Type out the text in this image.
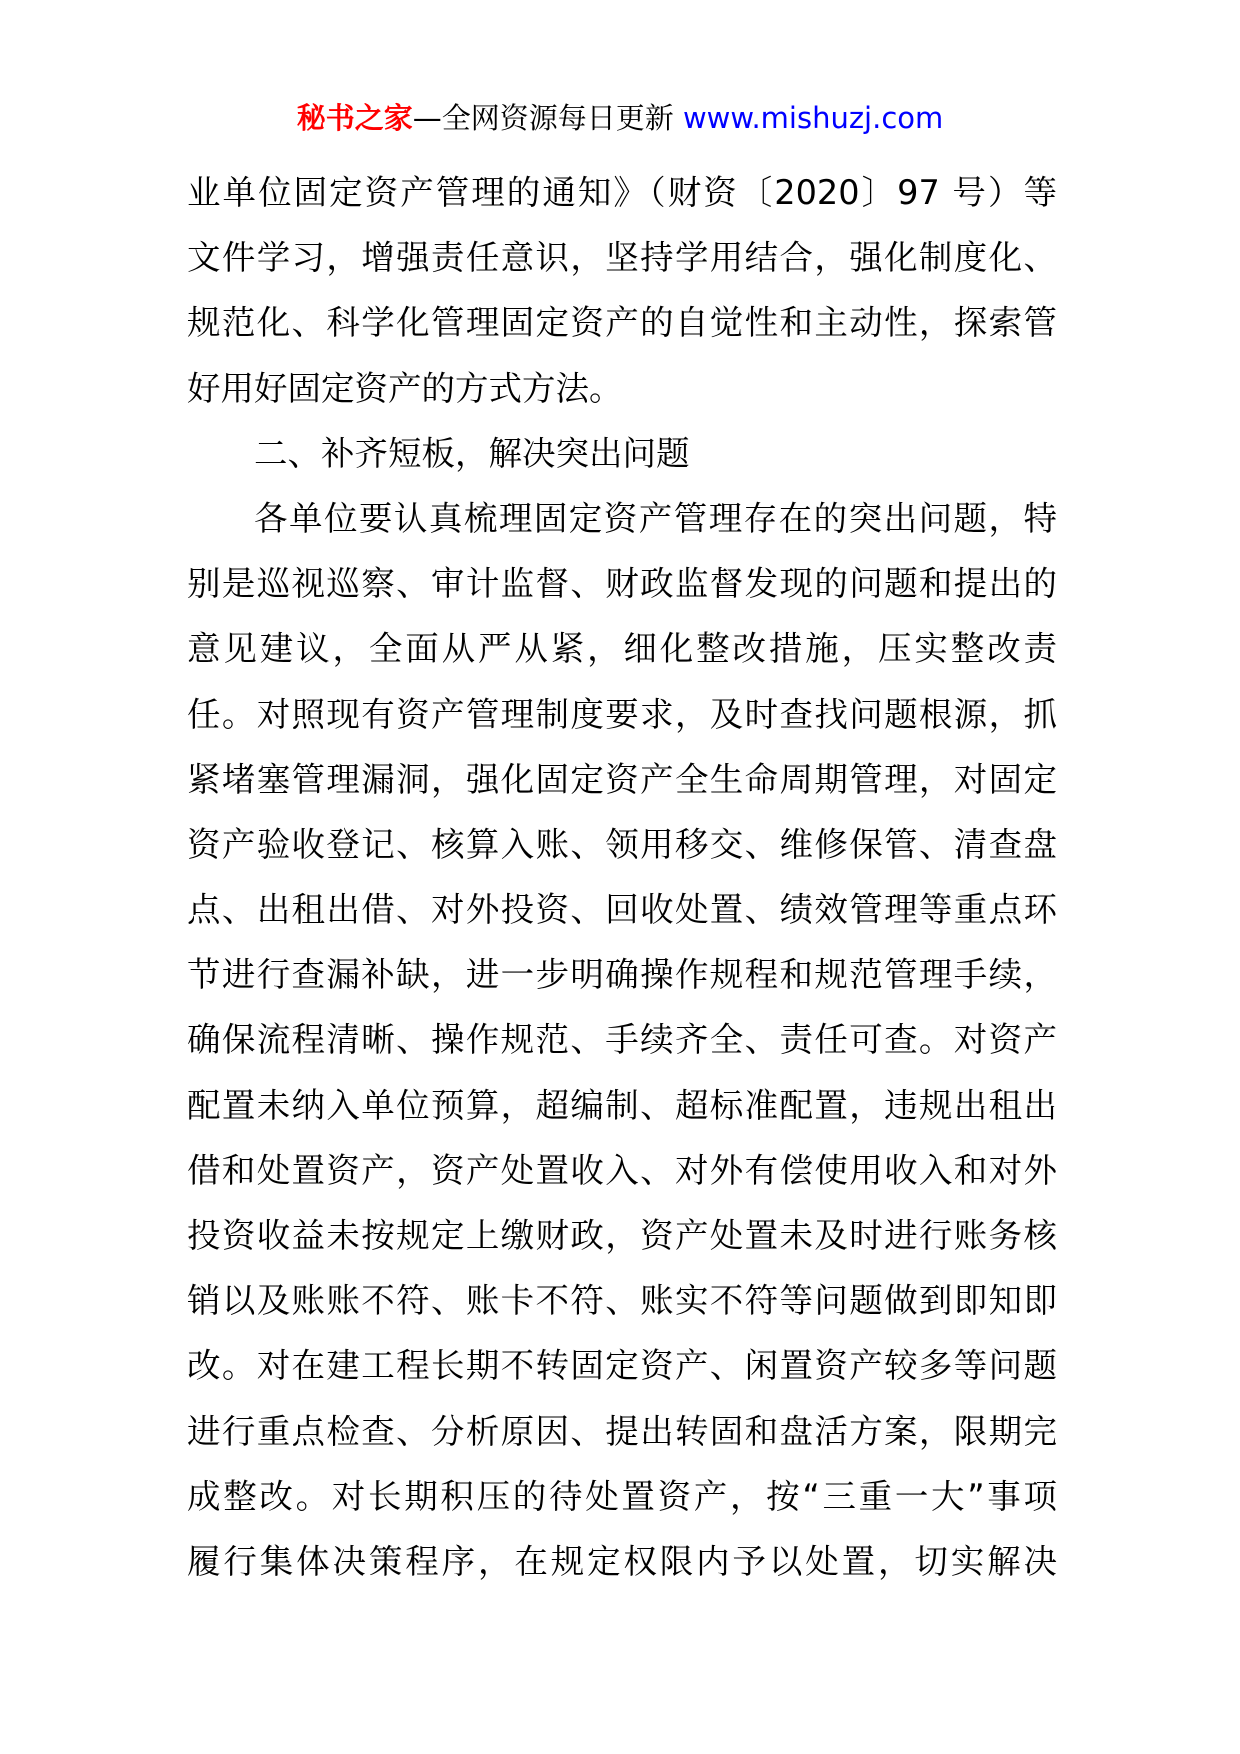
秘书之家—全网资源每日更新 www.mishuzj.com
业单位固定资产管理的通知》（财资〔2020〕97 号）等
文件学习，增强责任意识，坚持学用结合，强化制度化、
规范化、科学化管理固定资产的自觉性和主动性，探索管
好用好固定资产的方式方法。
二、补齐短板，解决突出问题
各单位要认真梳理固定资产管理存在的突出问题，特
别是巡视巡察、审计监督、财政监督发现的问题和提出的
意见建议，全面从严从紧，细化整改措施，压实整改责
任。对照现有资产管理制度要求，及时查找问题根源，抓
紧堵塞管理漏洞，强化固定资产全生命周期管理，对固定
资产验收登记、核算入账、领用移交、维修保管、清查盘
点、出租出借、对外投资、回收处置、绩效管理等重点环
节进行查漏补缺，进一步明确操作规程和规范管理手续，
确保流程清晰、操作规范、手续齐全、责任可查。对资产
配置未纳入单位预算，超编制、超标准配置，违规出租出
借和处置资产，资产处置收入、对外有偿使用收入和对外
投资收益未按规定上缴财政，资产处置未及时进行账务核
销以及账账不符、账卡不符、账实不符等问题做到即知即
改。对在建工程长期不转固定资产、闲置资产较多等问题
进行重点检查、分析原因、提出转固和盘活方案，限期完
成整改。对长期积压的待处置资产，按“三重一大”事项
履行集体决策程序，在规定权限内予以处置，切实解决
